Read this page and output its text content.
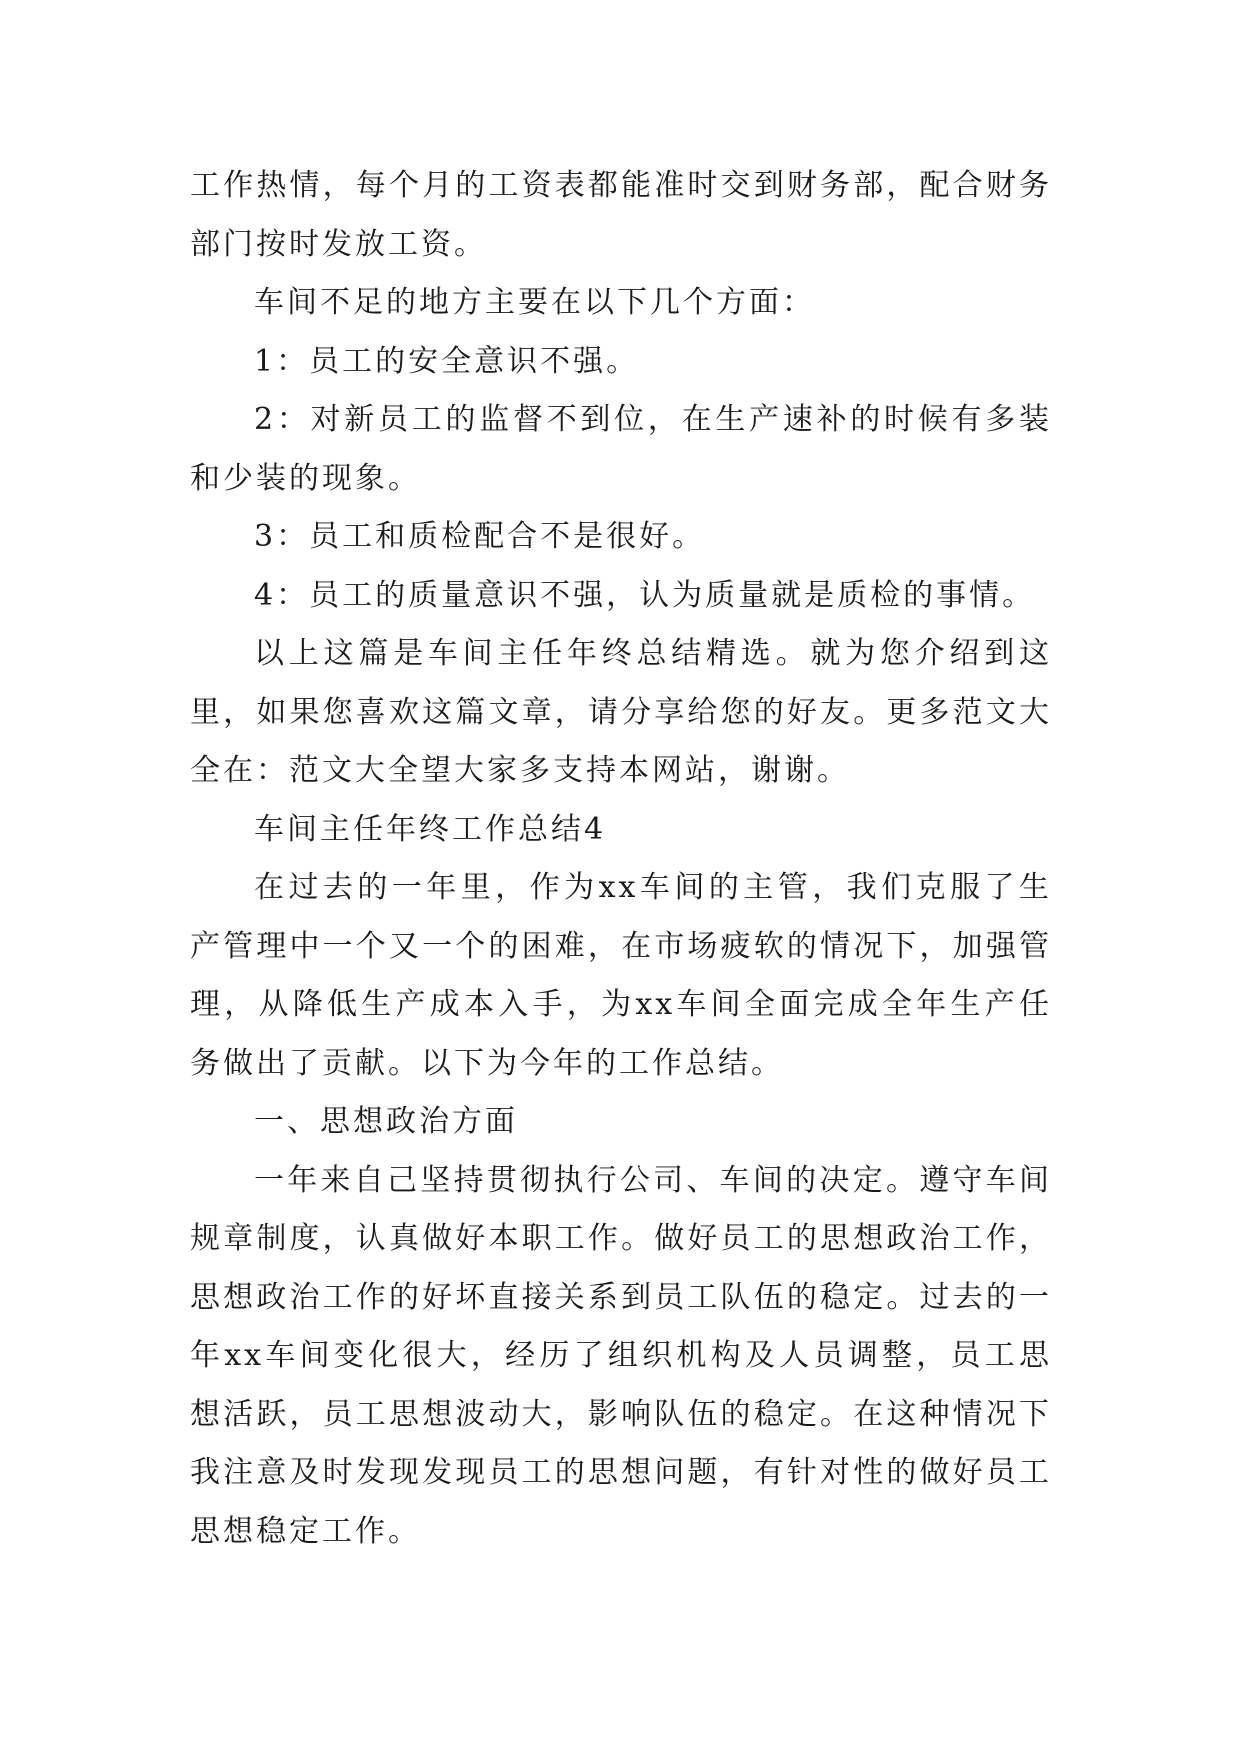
工作热情，每个月的工资表都能准时交到财务部，配合财务部门按时发放工资。

车间不足的地方主要在以下几个方面：

1：员工的安全意识不强。

2：对新员工的监督不到位，在生产速补的时候有多装和少装的现象。

3：员工和质检配合不是很好。

4：员工的质量意识不强，认为质量就是质检的事情。

以上这篇是车间主任年终总结精选。就为您介绍到这里，如果您喜欢这篇文章，请分享给您的好友。更多范文大全在：范文大全望大家多支持本网站，谢谢。

车间主任年终工作总结4

在过去的一年里，作为xx车间的主管，我们克服了生产管理中一个又一个的困难，在市场疲软的情况下，加强管理，从降低生产成本入手，为xx车间全面完成全年生产任务做出了贡献。以下为今年的工作总结。

一、思想政治方面

一年来自己坚持贯彻执行公司、车间的决定。遵守车间规章制度，认真做好本职工作。做好员工的思想政治工作，思想政治工作的好坏直接关系到员工队伍的稳定。过去的一年xx车间变化很大，经历了组织机构及人员调整，员工思想活跃，员工思想波动大，影响队伍的稳定。在这种情况下我注意及时发现发现员工的思想问题，有针对性的做好员工思想稳定工作。
